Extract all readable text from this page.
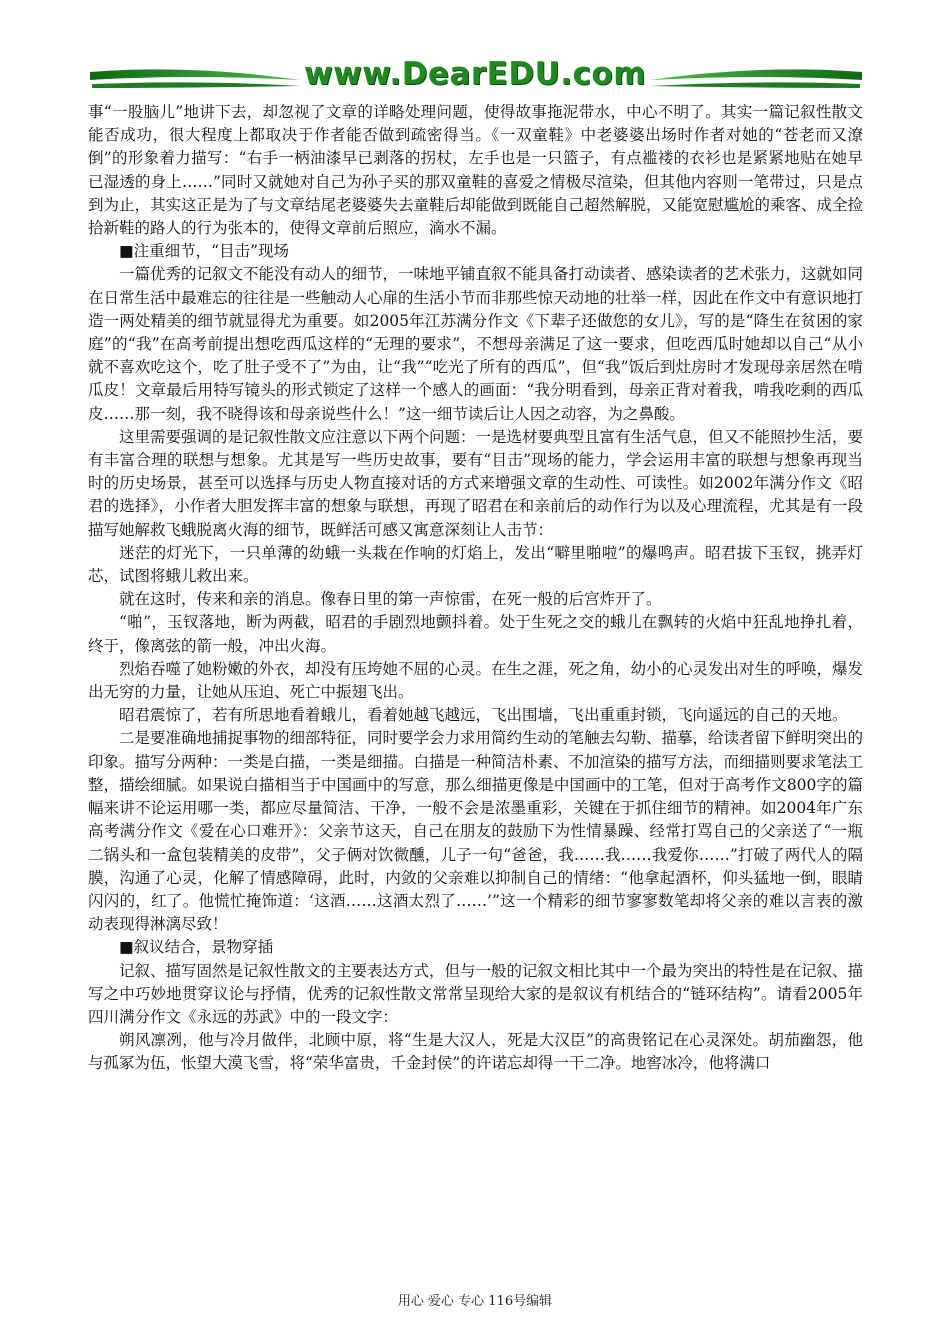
www.DearEDU.com

事“一股脑儿”地讲下去，却忽视了文章的详略处理问题，使得故事拖泥带水，中心不明了。其实一篇记叙性散文能否成功，很大程度上都取决于作者能否做到疏密得当。《一双童鞋》中老婆婆出场时作者对她的“苍老而又潦倒”的形象着力描写：“右手一柄油漆早已剥落的拐杖，左手也是一只篮子，有点褴褛的衣衫也是紧紧地贴在她早已湿透的身上……”同时又就她对自己为孙子买的那双童鞋的喜爱之情极尽渲染，但其他内容则一笔带过，只是点到为止，其实这正是为了与文章结尾老婆婆失去童鞋后却能做到既能自己超然解脱，又能宽慰尴尬的乘客、成全捡拾新鞋的路人的行为张本的，使得文章前后照应，滴水不漏。

■注重细节，“目击”现场

一篇优秀的记叙文不能没有动人的细节，一味地平铺直叙不能具备打动读者、感染读者的艺术张力，这就如同在日常生活中最难忘的往往是一些触动人心扉的生活小节而非那些惊天动地的壮举一样，因此在作文中有意识地打造一两处精美的细节就显得尤为重要。如2005年江苏满分作文《下辈子还做您的女儿》，写的是“降生在贫困的家庭”的“我”在高考前提出想吃西瓜这样的“无理的要求”，不想母亲满足了这一要求，但吃西瓜时她却以自己“从小就不喜欢吃这个，吃了肚子受不了”为由，让“我”“吃光了所有的西瓜”，但“我”饭后到灶房时才发现母亲居然在啃瓜皮！文章最后用特写镜头的形式锁定了这样一个感人的画面：“我分明看到，母亲正背对着我，啃我吃剩的西瓜皮……那一刻，我不晓得该和母亲说些什么！”这一细节读后让人因之动容，为之鼻酸。

这里需要强调的是记叙性散文应注意以下两个问题：一是选材要典型且富有生活气息，但又不能照抄生活，要有丰富合理的联想与想象。尤其是写一些历史故事，要有“目击”现场的能力，学会运用丰富的联想与想象再现当时的历史场景，甚至可以选择与历史人物直接对话的方式来增强文章的生动性、可读性。如2002年满分作文《昭君的选择》，小作者大胆发挥丰富的想象与联想，再现了昭君在和亲前后的动作行为以及心理流程，尤其是有一段描写她解救飞蛾脱离火海的细节，既鲜活可感又寓意深刻让人击节：

迷茫的灯光下，一只单薄的幼蛾一头栽在作响的灯焰上，发出“噼里啪啦”的爆鸣声。昭君拔下玉钗，挑弄灯芯，试图将蛾儿救出来。

就在这时，传来和亲的消息。像春日里的第一声惊雷，在死一般的后宫炸开了。

“啪”，玉钗落地，断为两截，昭君的手剧烈地颤抖着。处于生死之交的蛾儿在飘转的火焰中狂乱地挣扎着，终于，像离弦的箭一般，冲出火海。

烈焰吞噬了她粉嫩的外衣，却没有压垮她不屈的心灵。在生之涯，死之角，幼小的心灵发出对生的呼唤，爆发出无穷的力量，让她从压迫、死亡中振翅飞出。

昭君震惊了，若有所思地看着蛾儿，看着她越飞越远，飞出围墙，飞出重重封锁，飞向遥远的自己的天地。

二是要准确地捕捉事物的细部特征，同时要学会力求用简约生动的笔触去勾勒、描摹，给读者留下鲜明突出的印象。描写分两种：一类是白描，一类是细描。白描是一种简洁朴素、不加渲染的描写方法，而细描则要求笔法工整，描绘细腻。如果说白描相当于中国画中的写意，那么细描更像是中国画中的工笔，但对于高考作文800字的篇幅来讲不论运用哪一类，都应尽量简洁、干净，一般不会是浓墨重彩，关键在于抓住细节的精神。如2004年广东高考满分作文《爱在心口难开》：父亲节这天，自己在朋友的鼓励下为性情暴躁、经常打骂自己的父亲送了“一瓶二锅头和一盒包装精美的皮带”，父子俩对饮微醺，儿子一句“爸爸，我……我……我爱你……”打破了两代人的隔膜，沟通了心灵，化解了情感障碍，此时，内敛的父亲难以抑制自己的情绪：“他拿起酒杯，仰头猛地一倒，眼睛闪闪的，红了。他慌忙掩饰道：‘这酒……这酒太烈了……’”这一个精彩的细节寥寥数笔却将父亲的难以言表的激动表现得淋漓尽致！

■叙议结合，景物穿插

记叙、描写固然是记叙性散文的主要表达方式，但与一般的记叙文相比其中一个最为突出的特性是在记叙、描写之中巧妙地贯穿议论与抒情，优秀的记叙性散文常常呈现给大家的是叙议有机结合的“链环结构”。请看2005年四川满分作文《永远的苏武》中的一段文字：

朔风凛冽，他与冷月做伴，北顾中原，将“生是大汉人，死是大汉臣”的高贵铭记在心灵深处。胡茄幽怨，他与孤冢为伍，怅望大漠飞雪，将“荣华富贵，千金封侯”的许诺忘却得一干二净。地窖冰冷，他将满口

用心 爱心 专心 116号编辑
